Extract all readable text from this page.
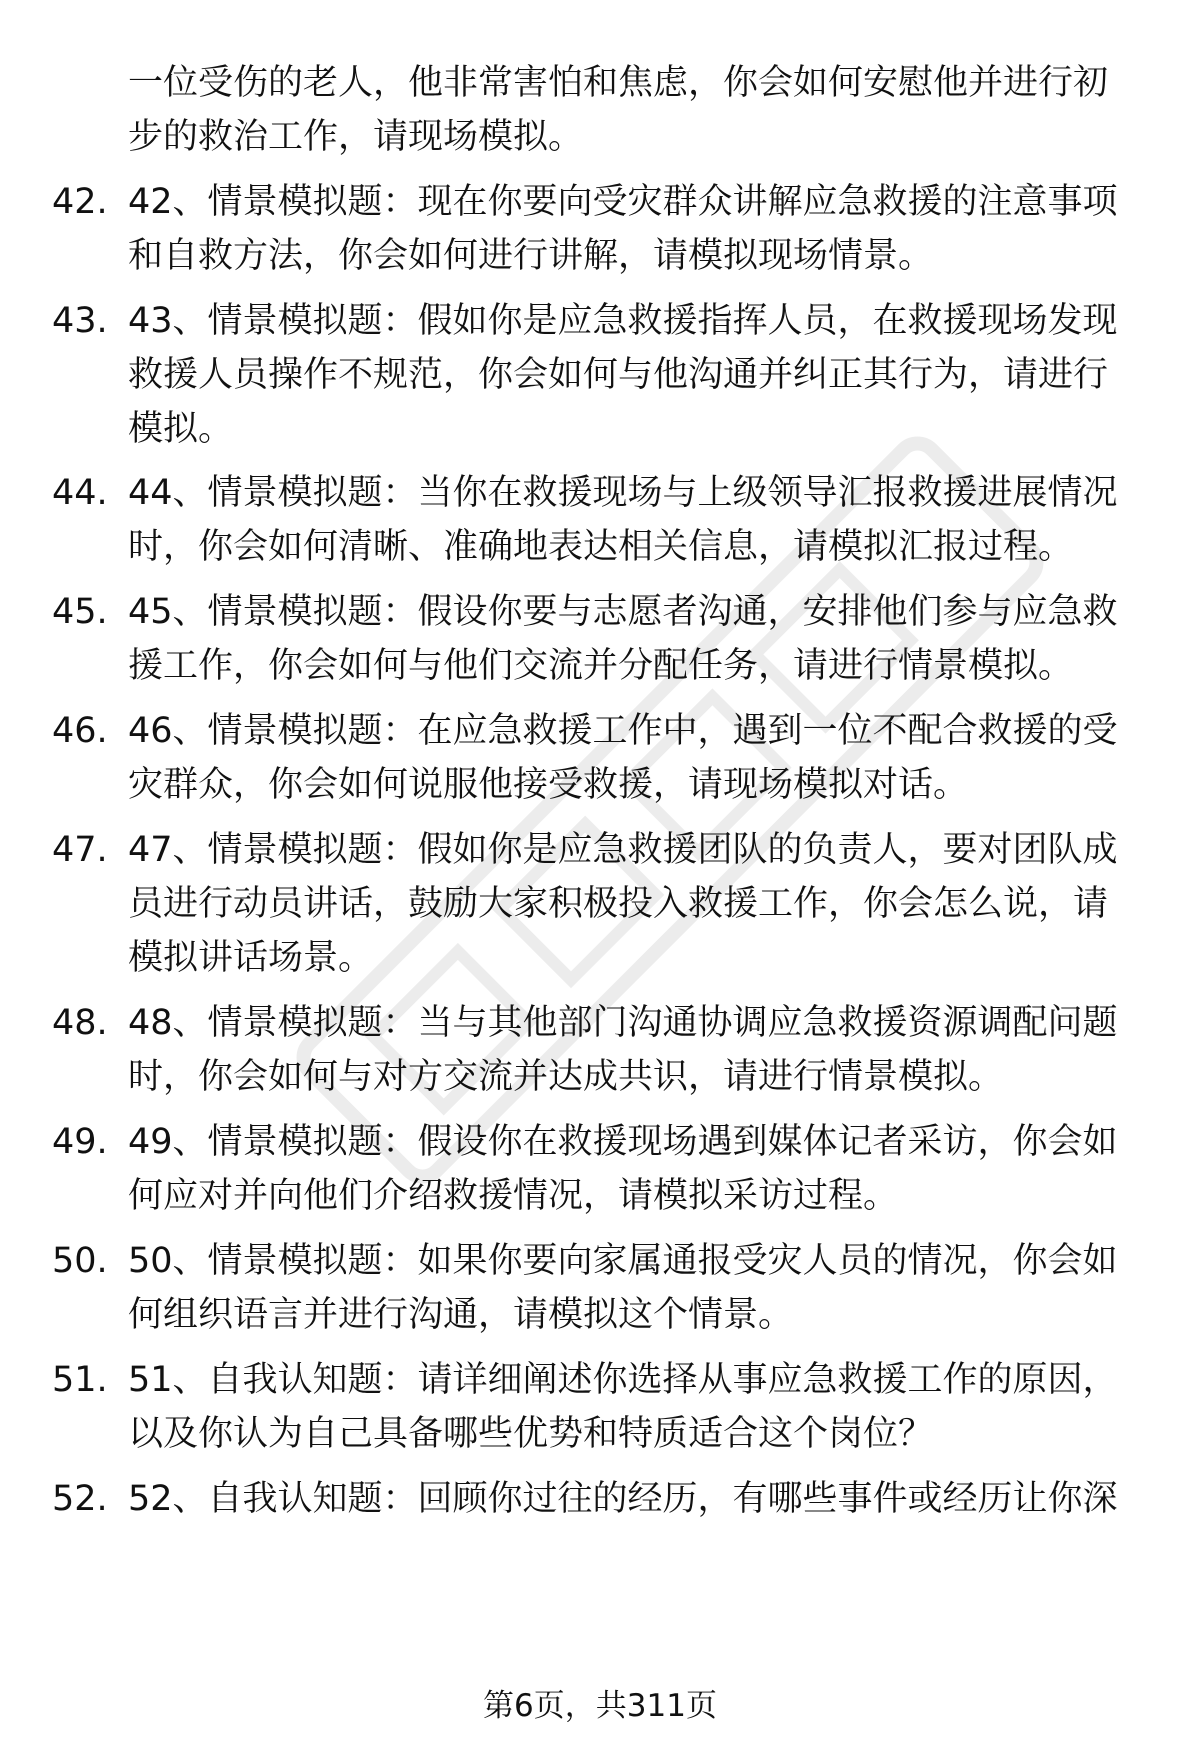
一位受伤的老人，他非常害怕和焦虑，你会如何安慰他并进行初
步的救治工作，请现场模拟。

42. 42、情景模拟题：现在你要向受灾群众讲解应急救援的注意事项
和自救方法，你会如何进行讲解，请模拟现场情景。
43. 43、情景模拟题：假如你是应急救援指挥人员，在救援现场发现
救援人员操作不规范，你会如何与他沟通并纠正其行为，请进行
模拟。
44. 44、情景模拟题：当你在救援现场与上级领导汇报救援进展情况
时，你会如何清晰、准确地表达相关信息，请模拟汇报过程。
45. 45、情景模拟题：假设你要与志愿者沟通，安排他们参与应急救
援工作，你会如何与他们交流并分配任务，请进行情景模拟。
46. 46、情景模拟题：在应急救援工作中，遇到一位不配合救援的受
灾群众，你会如何说服他接受救援，请现场模拟对话。
47. 47、情景模拟题：假如你是应急救援团队的负责人，要对团队成
员进行动员讲话，鼓励大家积极投入救援工作，你会怎么说，请
模拟讲话场景。
48. 48、情景模拟题：当与其他部门沟通协调应急救援资源调配问题
时，你会如何与对方交流并达成共识，请进行情景模拟。
49. 49、情景模拟题：假设你在救援现场遇到媒体记者采访，你会如
何应对并向他们介绍救援情况，请模拟采访过程。
50. 50、情景模拟题：如果你要向家属通报受灾人员的情况，你会如
何组织语言并进行沟通，请模拟这个情景。
51. 51、自我认知题：请详细阐述你选择从事应急救援工作的原因，
以及你认为自己具备哪些优势和特质适合这个岗位？
52. 52、自我认知题：回顾你过往的经历，有哪些事件或经历让你深
第6页，共311页
